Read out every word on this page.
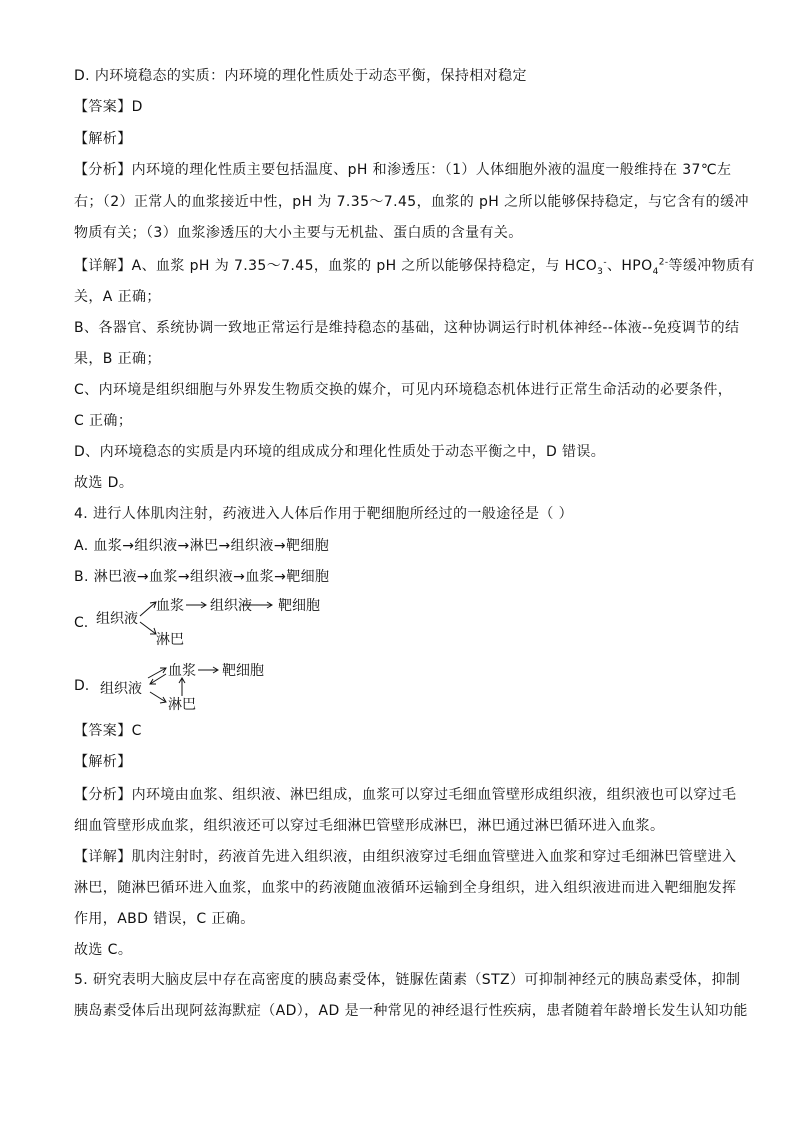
D. 内环境稳态的实质：内环境的理化性质处于动态平衡，保持相对稳定
【答案】D
【解析】
【分析】内环境的理化性质主要包括温度、pH 和渗透压：（1）人体细胞外液的温度一般维持在 37℃左
右；（2）正常人的血浆接近中性，pH 为 7.35～7.45，血浆的 pH 之所以能够保持稳定，与它含有的缓冲
物质有关；（3）血浆渗透压的大小主要与无机盐、蛋白质的含量有关。
【详解】A、血浆 pH 为 7.35～7.45，血浆的 pH 之所以能够保持稳定，与 $HCO_3^-$、$HPO_4^{2-}$等缓冲物质有
关，A 正确；
B、各器官、系统协调一致地正常运行是维持稳态的基础，这种协调运行时机体神经--体液--免疫调节的结
果，B 正确；
C、内环境是组织细胞与外界发生物质交换的媒介，可见内环境稳态机体进行正常生命活动的必要条件，
C 正确；
D、内环境稳态的实质是内环境的组成成分和理化性质处于动态平衡之中，D 错误。
故选 D。
4. 进行人体肌肉注射，药液进入人体后作用于靶细胞所经过的一般途径是（ ）
A. 血浆→组织液→淋巴→组织液→靶细胞
B. 淋巴液→血浆→组织液→血浆→靶细胞
C. 组织液
血浆 组织液 靶细胞
淋巴
D. 组织液
血浆 靶细胞
淋巴
【答案】C
【解析】
【分析】内环境由血浆、组织液、淋巴组成，血浆可以穿过毛细血管壁形成组织液，组织液也可以穿过毛
细血管壁形成血浆，组织液还可以穿过毛细淋巴管壁形成淋巴，淋巴通过淋巴循环进入血浆。
【详解】肌肉注射时，药液首先进入组织液，由组织液穿过毛细血管壁进入血浆和穿过毛细淋巴管壁进入
淋巴，随淋巴循环进入血浆，血浆中的药液随血液循环运输到全身组织，进入组织液进而进入靶细胞发挥
作用，ABD 错误，C 正确。
故选 C。
5. 研究表明大脑皮层中存在高密度的胰岛素受体，链脲佐菌素（STZ）可抑制神经元的胰岛素受体，抑制
胰岛素受体后出现阿兹海默症（AD），AD 是一种常见的神经退行性疾病，患者随着年龄增长发生认知功能
